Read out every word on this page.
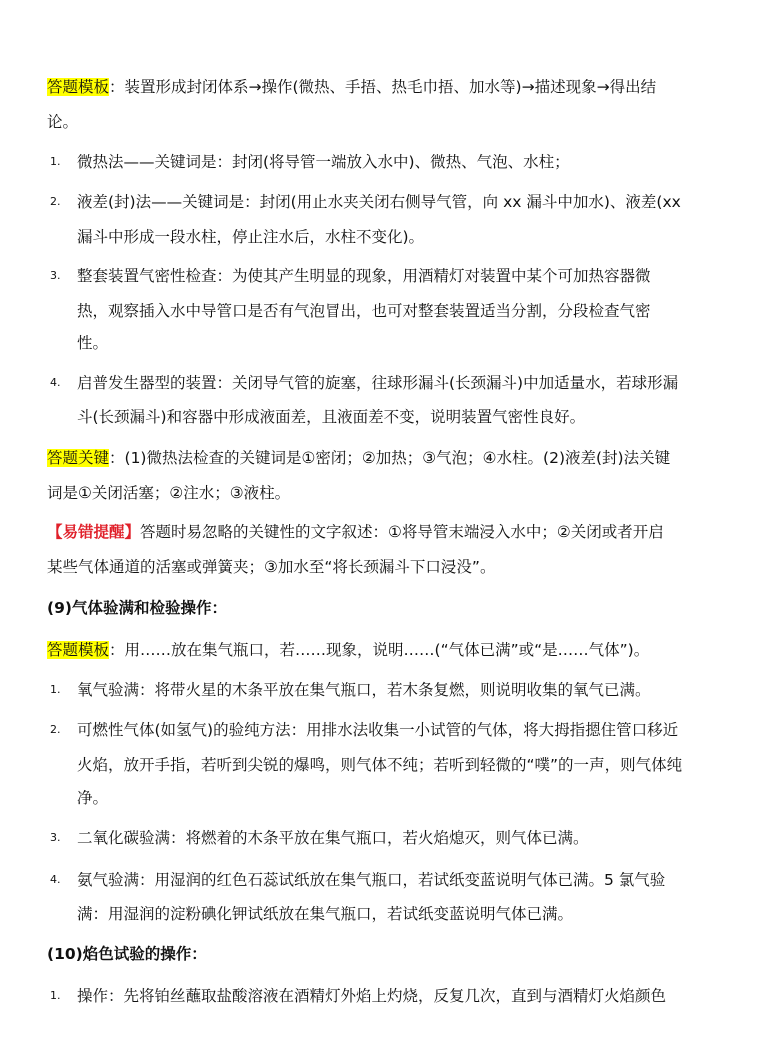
答题模板：装置形成封闭体系→操作(微热、手捂、热毛巾捂、加水等)→描述现象→得出结
论。
1. 微热法——关键词是：封闭(将导管一端放入水中)、微热、气泡、水柱；
2. 液差(封)法——关键词是：封闭(用止水夹关闭右侧导气管，向 xx 漏斗中加水)、液差(xx
漏斗中形成一段水柱，停止注水后，水柱不变化)。
3. 整套装置气密性检查：为使其产生明显的现象，用酒精灯对装置中某个可加热容器微
热，观察插入水中导管口是否有气泡冒出，也可对整套装置适当分割，分段检查气密
性。
4. 启普发生器型的装置：关闭导气管的旋塞，往球形漏斗(长颈漏斗)中加适量水，若球形漏
斗(长颈漏斗)和容器中形成液面差，且液面差不变，说明装置气密性良好。
答题关键：(1)微热法检查的关键词是①密闭；②加热；③气泡；④水柱。(2)液差(封)法关键
词是①关闭活塞；②注水；③液柱。
【易错提醒】答题时易忽略的关键性的文字叙述：①将导管末端浸入水中；②关闭或者开启
某些气体通道的活塞或弹簧夹；③加水至“将长颈漏斗下口浸没”。
(9)气体验满和检验操作：
答题模板：用……放在集气瓶口，若……现象，说明……(“气体已满”或“是……气体”)。
1. 氧气验满：将带火星的木条平放在集气瓶口，若木条复燃，则说明收集的氧气已满。
2. 可燃性气体(如氢气)的验纯方法：用排水法收集一小试管的气体，将大拇指摁住管口移近
火焰，放开手指，若听到尖锐的爆鸣，则气体不纯；若听到轻微的“噗”的一声，则气体纯
净。
3. 二氧化碳验满：将燃着的木条平放在集气瓶口，若火焰熄灭，则气体已满。
4. 氨气验满：用湿润的红色石蕊试纸放在集气瓶口，若试纸变蓝说明气体已满。5 氯气验
满：用湿润的淀粉碘化钾试纸放在集气瓶口，若试纸变蓝说明气体已满。
(10)焰色试验的操作：
1. 操作：先将铂丝蘸取盐酸溶液在酒精灯外焰上灼烧，反复几次，直到与酒精灯火焰颜色
